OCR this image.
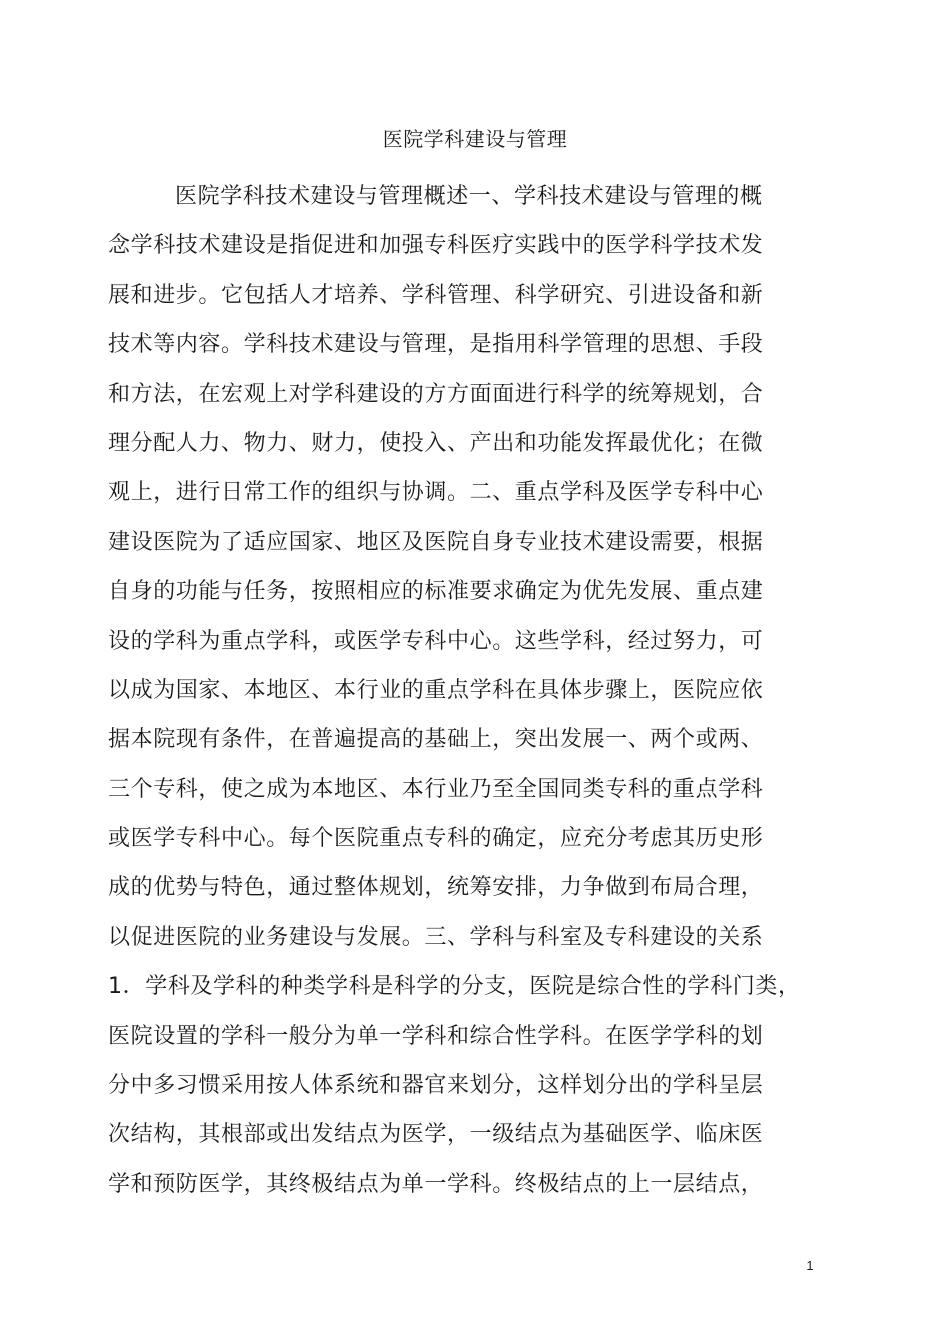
医院学科建设与管理
医院学科技术建设与管理概述一、学科技术建设与管理的概
念学科技术建设是指促进和加强专科医疗实践中的医学科学技术发
展和进步。它包括人才培养、学科管理、科学研究、引进设备和新
技术等内容。学科技术建设与管理，是指用科学管理的思想、手段
和方法，在宏观上对学科建设的方方面面进行科学的统筹规划，合
理分配人力、物力、财力，使投入、产出和功能发挥最优化；在微
观上，进行日常工作的组织与协调。二、重点学科及医学专科中心
建设医院为了适应国家、地区及医院自身专业技术建设需要，根据
自身的功能与任务，按照相应的标准要求确定为优先发展、重点建
设的学科为重点学科，或医学专科中心。这些学科，经过努力，可
以成为国家、本地区、本行业的重点学科在具体步骤上，医院应依
据本院现有条件，在普遍提高的基础上，突出发展一、两个或两、
三个专科，使之成为本地区、本行业乃至全国同类专科的重点学科
或医学专科中心。每个医院重点专科的确定，应充分考虑其历史形
成的优势与特色，通过整体规划，统筹安排，力争做到布局合理，
以促进医院的业务建设与发展。三、学科与科室及专科建设的关系
1．学科及学科的种类学科是科学的分支，医院是综合性的学科门类，
医院设置的学科一般分为单一学科和综合性学科。在医学学科的划
分中多习惯采用按人体系统和器官来划分，这样划分出的学科呈层
次结构，其根部或出发结点为医学，一级结点为基础医学、临床医
学和预防医学，其终极结点为单一学科。终极结点的上一层结点，
1
